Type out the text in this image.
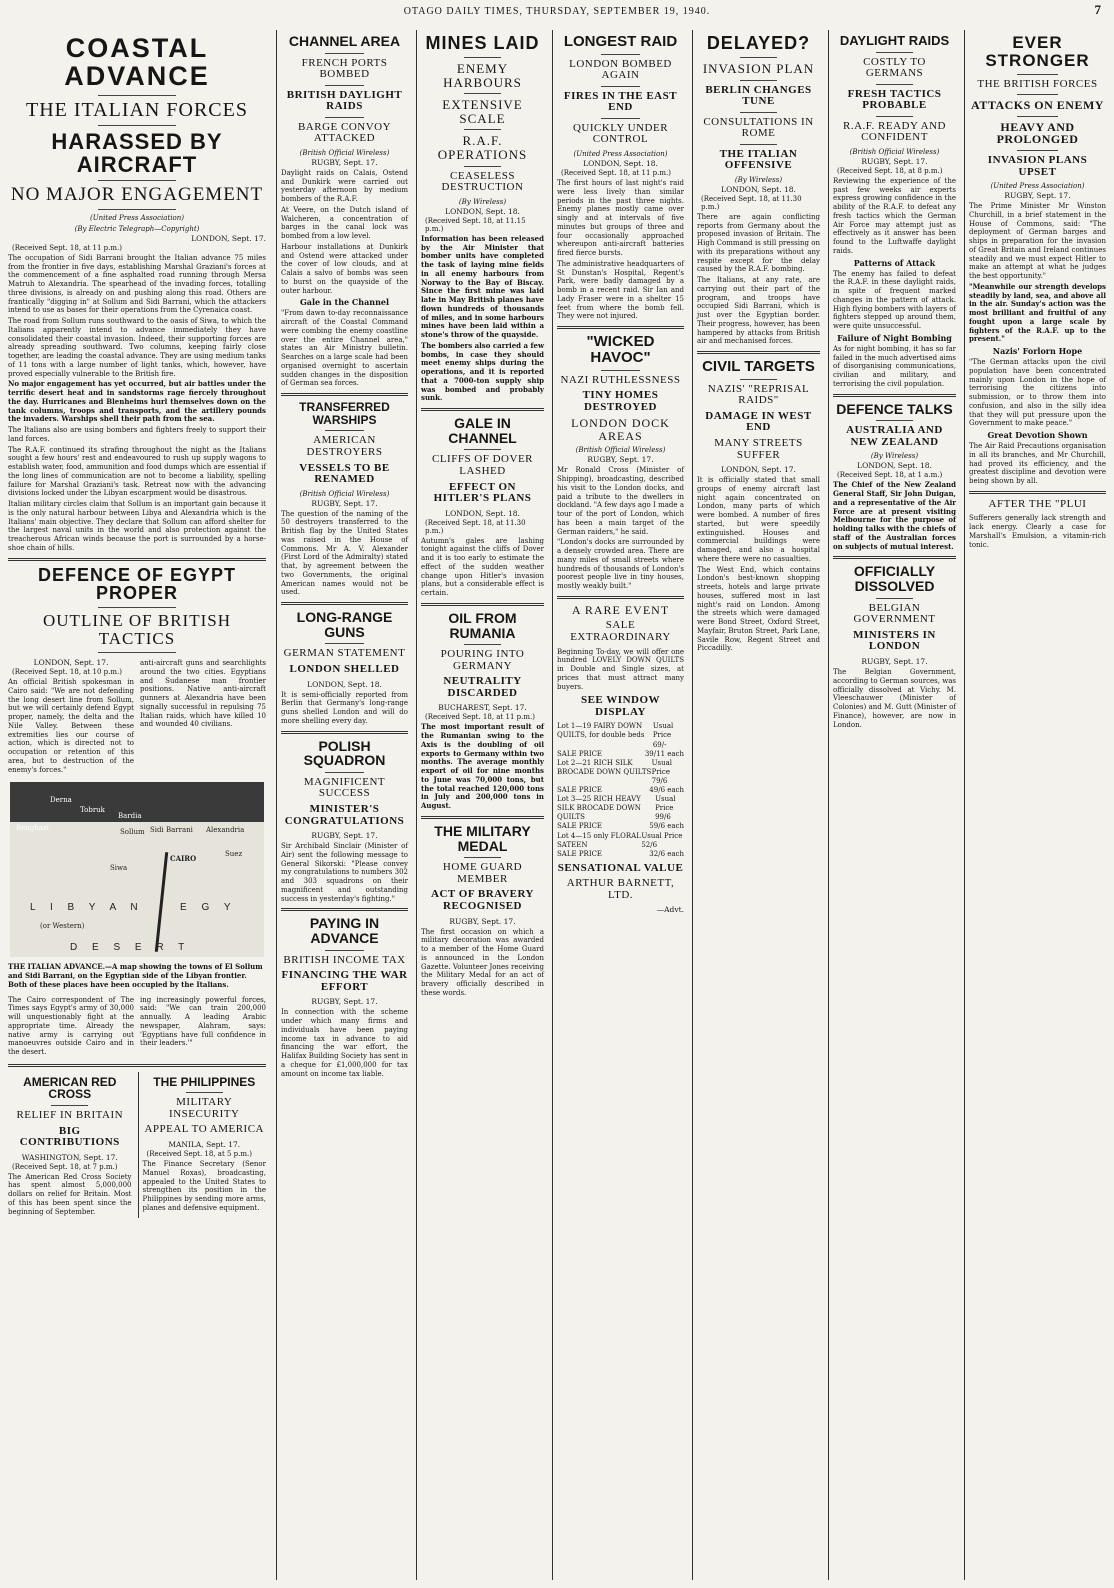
OTAGO DAILY TIMES, THURSDAY, SEPTEMBER 19, 1940.	7
COASTAL ADVANCE
THE ITALIAN FORCES
HARASSED BY AIRCRAFT
NO MAJOR ENGAGEMENT
(United Press Association)
(By Electric Telegraph—Copyright)
LONDON, Sept. 17.
(Received Sept. 18, at 11 p.m.)

The occupation of Sidi Barrani brought the Italian advance 75 miles from the frontier in five days, establishing Marshal Graziani's forces at the commencement of a fine asphalted road running through Mersa Matruh to Alexandria. The spearhead of the invading forces, totalling three divisions, is already on and pushing along this road. Others are frantically "digging in" at Sollum and Sidi Barrani, which the attackers intend to use as bases for their operations from the Cyrenaica coast.

The road from Sollum runs southward to the oasis of Siwa, to which the Italians apparently intend to advance immediately they have consolidated their coastal invasion. Indeed, their supporting forces are already spreading southward. Two columns, keeping fairly close together, are leading the coastal advance. They are using medium tanks of 11 tons with a large number of light tanks, which, however, have proved especially vulnerable to the British fire.

No major engagement has yet occurred, but air battles under the terrific desert heat and in sandstorms rage fiercely throughout the day. Hurricanes and Blenheims hurl themselves down on the tank columns, troops and transports, and the artillery pounds the invaders. Warships shell their path from the sea.

The Italians also are using bombers and fighters freely to support their land forces.

The R.A.F. continued its strafing throughout the night as the Italians sought a few hours' rest and endeavoured to rush up supply wagons to establish water, food, ammunition and food dumps which are essential if the long lines of communication are not to become a liability, spelling failure for Marshal Graziani's task. Retreat now with the advancing divisions locked under the Libyan escarpment would be disastrous.

Italian military circles claim that Sollum is an important gain because it is the only natural harbour between Libya and Alexandria which is the Italians' main objective. They declare that Sollum can afford shelter for the largest naval units in the world and also protection against the treacherous African winds because the port is surrounded by a horse-shoe chain of hills.

DEFENCE OF EGYPT PROPER
OUTLINE OF BRITISH TACTICS
LONDON, Sept. 17.
(Received Sept. 18, at 10 p.m.)

An official British spokesman in Cairo said: "We are not defending the long desert line from Sollum, but we will certainly defend Egypt proper, namely, the delta and the Nile Valley. Between these extremities lies our course of action, which is directed not to occupation or retention of this area, but to destruction of the enemy's forces."

anti-aircraft guns and searchlights around the two cities. Egyptians and Sudanese man frontier positions. Native anti-aircraft gunners at Alexandria have been signally successful in repulsing 75 Italian raids, which have killed 10 and wounded 40 civilians.

L I B Y A N	E G Y
(or Western)
D E S E R T
Benghazi
Derna
Tobruk
Bardia
Sollum Sidi Barrani Alexandria
CAIRO	Suez
Siwa
THE ITALIAN ADVANCE.—A map showing the towns of El Sollum and Sidi Barrani, on the Egyptian side of the Libyan frontier. Both of these places have been occupied by the Italians.

The Cairo correspondent of The Times says Egypt's army of 30,000 will unquestionably fight at the appropriate time. Already the native army is carrying out manoeuvres outside Cairo and in the desert.

ing increasingly powerful forces, said: "We can train 200,000 annually. A leading Arabic newspaper, Alahram, says: 'Egyptians have full confidence in their leaders.'"

AMERICAN RED CROSS
RELIEF IN BRITAIN
BIG CONTRIBUTIONS
WASHINGTON, Sept. 17.
(Received Sept. 18, at 7 p.m.)

The American Red Cross Society has spent almost 5,000,000 dollars on relief for Britain. Most of this has been spent since the beginning of September.

THE PHILIPPINES
MILITARY INSECURITY
APPEAL TO AMERICA
MANILA, Sept. 17.
(Received Sept. 18, at 5 p.m.)

The Finance Secretary (Senor Manuel Roxas), broadcasting, appealed to the United States to strengthen its position in the Philippines by sending more arms, planes and defensive equipment.

CHANNEL AREA
FRENCH PORTS BOMBED
BRITISH DAYLIGHT RAIDS
BARGE CONVOY ATTACKED
(British Official Wireless)
RUGBY, Sept. 17.

Daylight raids on Calais, Ostend and Dunkirk were carried out yesterday afternoon by medium bombers of the R.A.F.

At Veere, on the Dutch island of Walcheren, a concentration of barges in the canal lock was bombed from a low level.

Harbour installations at Dunkirk and Ostend were attacked under the cover of low clouds, and at Calais a salvo of bombs was seen to burst on the quayside of the outer harbour.

Gale in the Channel

"From dawn to-day reconnaissance aircraft of the Coastal Command were combing the enemy coastline over the entire Channel area," states an Air Ministry bulletin. Searches on a large scale had been organised overnight to ascertain sudden changes in the disposition of German sea forces.

TRANSFERRED WARSHIPS
AMERICAN DESTROYERS
VESSELS TO BE RENAMED
(British Official Wireless)
RUGBY, Sept. 17.

The question of the naming of the 50 destroyers transferred to the British flag by the United States was raised in the House of Commons. Mr A. V. Alexander (First Lord of the Admiralty) stated that, by agreement between the two Governments, the original American names would not be used.

LONG-RANGE GUNS
GERMAN STATEMENT
LONDON SHELLED
LONDON, Sept. 18.

It is semi-officially reported from Berlin that Germany's long-range guns shelled London and will do more shelling every day.

POLISH SQUADRON
MAGNIFICENT SUCCESS
MINISTER'S CONGRATULATIONS
RUGBY, Sept. 17.

Sir Archibald Sinclair (Minister of Air) sent the following message to General Sikorski: "Please convey my congratulations to numbers 302 and 303 squadrons on their magnificent and outstanding success in yesterday's fighting."

PAYING IN ADVANCE
BRITISH INCOME TAX
FINANCING THE WAR EFFORT
RUGBY, Sept. 17.

In connection with the scheme under which many firms and individuals have been paying income tax in advance to aid financing the war effort, the Halifax Building Society has sent in a cheque for £1,000,000 for tax amount on income tax liable.

MINES LAID
ENEMY HARBOURS
EXTENSIVE SCALE
R.A.F. OPERATIONS
CEASELESS DESTRUCTION
(By Wireless)
LONDON, Sept. 18.
(Received Sept. 18, at 11.15 p.m.)

Information has been released by the Air Minister that bomber units have completed the task of laying mine fields in all enemy harbours from Norway to the Bay of Biscay. Since the first mine was laid late in May British planes have flown hundreds of thousands of miles, and in some harbours mines have been laid within a stone's throw of the quayside.

The bombers also carried a few bombs, in case they should meet enemy ships during the operations, and it is reported that a 7000-ton supply ship was bombed and probably sunk.

GALE IN CHANNEL
CLIFFS OF DOVER LASHED
EFFECT ON HITLER'S PLANS
LONDON, Sept. 18.
(Received Sept. 18, at 11.30 p.m.)

Autumn's gales are lashing tonight against the cliffs of Dover and it is too early to estimate the effect of the sudden weather change upon Hitler's invasion plans, but a considerable effect is certain.

OIL FROM RUMANIA
POURING INTO GERMANY
NEUTRALITY DISCARDED
BUCHAREST, Sept. 17.
(Received Sept. 18, at 11 p.m.)

The most important result of the Rumanian swing to the Axis is the doubling of oil exports to Germany within two months. The average monthly export of oil for nine months to June was 70,000 tons, but the total reached 120,000 tons in July and 200,000 tons in August.

THE MILITARY MEDAL
HOME GUARD MEMBER
ACT OF BRAVERY RECOGNISED
RUGBY, Sept. 17.

The first occasion on which a military decoration was awarded to a member of the Home Guard is announced in the London Gazette. Volunteer Jones receiving the Military Medal for an act of bravery officially described in these words.

LONGEST RAID
LONDON BOMBED AGAIN
FIRES IN THE EAST END
QUICKLY UNDER CONTROL
(United Press Association)
LONDON, Sept. 18.
(Received Sept. 18, at 11 p.m.)

The first hours of last night's raid were less lively than similar periods in the past three nights. Enemy planes mostly came over singly and at intervals of five minutes but groups of three and four occasionally approached whereupon anti-aircraft batteries fired fierce bursts.

The administrative headquarters of St Dunstan's Hospital, Regent's Park, were badly damaged by a bomb in a recent raid. Sir Ian and Lady Fraser were in a shelter 15 feet from where the bomb fell. They were not injured.

"WICKED HAVOC"
NAZI RUTHLESSNESS
TINY HOMES DESTROYED
LONDON DOCK AREAS
(British Official Wireless)
RUGBY, Sept. 17.

Mr Ronald Cross (Minister of Shipping), broadcasting, described his visit to the London docks, and paid a tribute to the dwellers in dockland. "A few days ago I made a tour of the port of London, which has been a main target of the German raiders," he said.

"London's docks are surrounded by a densely crowded area. There are many miles of small streets where hundreds of thousands of London's poorest people live in tiny houses, mostly weakly built."

A RARE EVENT
SALE EXTRAORDINARY

Beginning To-day, we will offer one hundred LOVELY DOWN QUILTS in Double and Single sizes, at prices that must attract many buyers.

SEE WINDOW DISPLAY
Lot 1—19 FAIRY DOWN QUILTS, for double beds
Usual Price 69/-
SALE PRICE	39/11 each
Lot 2—21 RICH SILK BROCADE DOWN QUILTS
Usual Price 79/6
SALE PRICE	49/6 each
Lot 3—25 RICH HEAVY SILK BROCADE DOWN QUILTS
Usual Price 99/6
SALE PRICE	59/6 each
Lot 4—15 only FLORAL SATEEN
Usual Price 52/6
SALE PRICE	32/6 each
SENSATIONAL VALUE
ARTHUR BARNETT, LTD.
—Advt.
DELAYED?
INVASION PLAN
BERLIN CHANGES TUNE
CONSULTATIONS IN ROME
THE ITALIAN OFFENSIVE
(By Wireless)
LONDON, Sept. 18.
(Received Sept. 18, at 11.30 p.m.)

There are again conflicting reports from Germany about the proposed invasion of Britain. The High Command is still pressing on with its preparations without any respite except for the delay caused by the R.A.F. bombing.

The Italians, at any rate, are carrying out their part of the program, and troops have occupied Sidi Barrani, which is just over the Egyptian border. Their progress, however, has been hampered by attacks from British air and mechanised forces.

CIVIL TARGETS
NAZIS' "REPRISAL RAIDS"
DAMAGE IN WEST END
MANY STREETS SUFFER
LONDON, Sept. 17.

It is officially stated that small groups of enemy aircraft last night again concentrated on London, many parts of which were bombed. A number of fires started, but were speedily extinguished. Houses and commercial buildings were damaged, and also a hospital where there were no casualties.

The West End, which contains London's best-known shopping streets, hotels and large private houses, suffered most in last night's raid on London. Among the streets which were damaged were Bond Street, Oxford Street, Mayfair, Bruton Street, Park Lane, Savile Row, Regent Street and Piccadilly.

DAYLIGHT RAIDS
COSTLY TO GERMANS
FRESH TACTICS PROBABLE
R.A.F. READY AND CONFIDENT
(British Official Wireless)
RUGBY, Sept. 17.
(Received Sept. 18, at 8 p.m.)

Reviewing the experience of the past few weeks air experts express growing confidence in the ability of the R.A.F. to defeat any fresh tactics which the German Air Force may attempt just as effectively as it answer has been found to the Luftwaffe daylight raids.

Patterns of Attack

The enemy has failed to defeat the R.A.F. in these daylight raids, in spite of frequent marked changes in the pattern of attack. High flying bombers with layers of fighters stepped up around them, were quite unsuccessful.

Failure of Night Bombing

As for night bombing, it has so far failed in the much advertised aims of disorganising communications, civilian and military, and terrorising the civil population.

DEFENCE TALKS
AUSTRALIA AND NEW ZEALAND
(By Wireless)
LONDON, Sept. 18.
(Received Sept. 18, at 1 a.m.)

The Chief of the New Zealand General Staff, Sir John Duigan, and a representative of the Air Force are at present visiting Melbourne for the purpose of holding talks with the chiefs of staff of the Australian forces on subjects of mutual interest.

OFFICIALLY DISSOLVED
BELGIAN GOVERNMENT
MINISTERS IN LONDON
RUGBY, Sept. 17.

The Belgian Government, according to German sources, was officially dissolved at Vichy. M. Vleeschauwer (Minister of Colonies) and M. Gutt (Minister of Finance), however, are now in London.

EVER STRONGER
THE BRITISH FORCES
ATTACKS ON ENEMY
HEAVY AND PROLONGED
INVASION PLANS UPSET
(United Press Association)
RUGBY, Sept. 17.

The Prime Minister Mr Winston Churchill, in a brief statement in the House of Commons, said: "The deployment of German barges and ships in preparation for the invasion of Great Britain and Ireland continues steadily and we must expect Hitler to make an attempt at what he judges the best opportunity."

"Meanwhile our strength develops steadily by land, sea, and above all in the air. Sunday's action was the most brilliant and fruitful of any fought upon a large scale by fighters of the R.A.F. up to the present."

Nazis' Forlorn Hope

"The German attacks upon the civil population have been concentrated mainly upon London in the hope of terrorising the citizens into submission, or to throw them into confusion, and also in the silly idea that they will put pressure upon the Government to make peace."

Great Devotion Shown

The Air Raid Precautions organisation in all its branches, and Mr Churchill, had proved its efficiency, and the greatest discipline and devotion were being shown by all.

AFTER THE "PLUI

Sufferers generally lack strength and lack energy. Clearly a case for Marshall's Emulsion, a vitamin-rich tonic.
